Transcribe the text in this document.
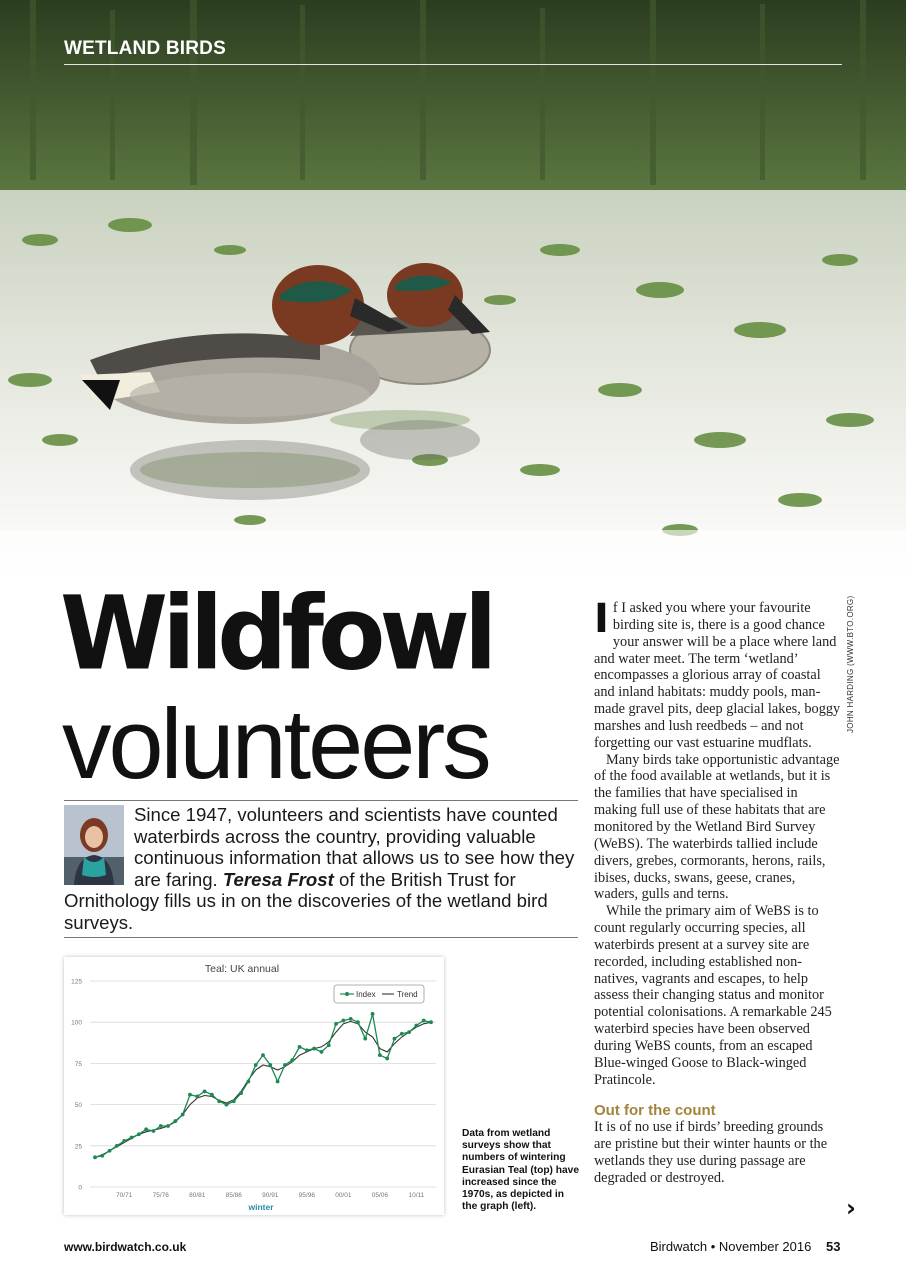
WETLAND BIRDS
Wildfowl
volunteers
Since 1947, volunteers and scientists have counted waterbirds across the country, providing valuable continuous information that allows us to see how they are faring. Teresa Frost of the British Trust for Ornithology fills us in on the discoveries of the wetland bird surveys.
Teal: UK annual
0
25
50
75
100
125
70/71	75/76	80/81	85/86	90/91	95/96	00/01	05/06	10/11
Index	Trend
winter
Data from wetland surveys show that numbers of wintering Eurasian Teal (top) have increased since the 1970s, as depicted in the graph (left).

If I asked you where your favourite birding site is, there is a good chance your answer will be a place where land and water meet. The term ‘wetland’ encompasses a glorious array of coastal and inland habitats: muddy pools, man-made gravel pits, deep glacial lakes, boggy marshes and lush reedbeds – and not forgetting our vast estuarine mudflats.

Many birds take opportunistic advantage of the food available at wetlands, but it is the families that have specialised in making full use of these habitats that are monitored by the Wetland Bird Survey (WeBS). The waterbirds tallied include divers, grebes, cormorants, herons, rails, ibises, ducks, swans, geese, cranes, waders, gulls and terns.

While the primary aim of WeBS is to count regularly occurring species, all waterbirds present at a survey site are recorded, including established non-natives, vagrants and escapes, to help assess their changing status and monitor potential colonisations. A remarkable 245 waterbird species have been observed during WeBS counts, from an escaped Blue-winged Goose to Black-winged Pratincole.

Out for the count

It is of no use if birds’ breeding grounds are pristine but their winter haunts or the wetlands they use during passage are degraded or destroyed.

›
JOHN HARDING (WWW.BTO.ORG)
www.birdwatch.co.uk	Birdwatch • November 2016 53
